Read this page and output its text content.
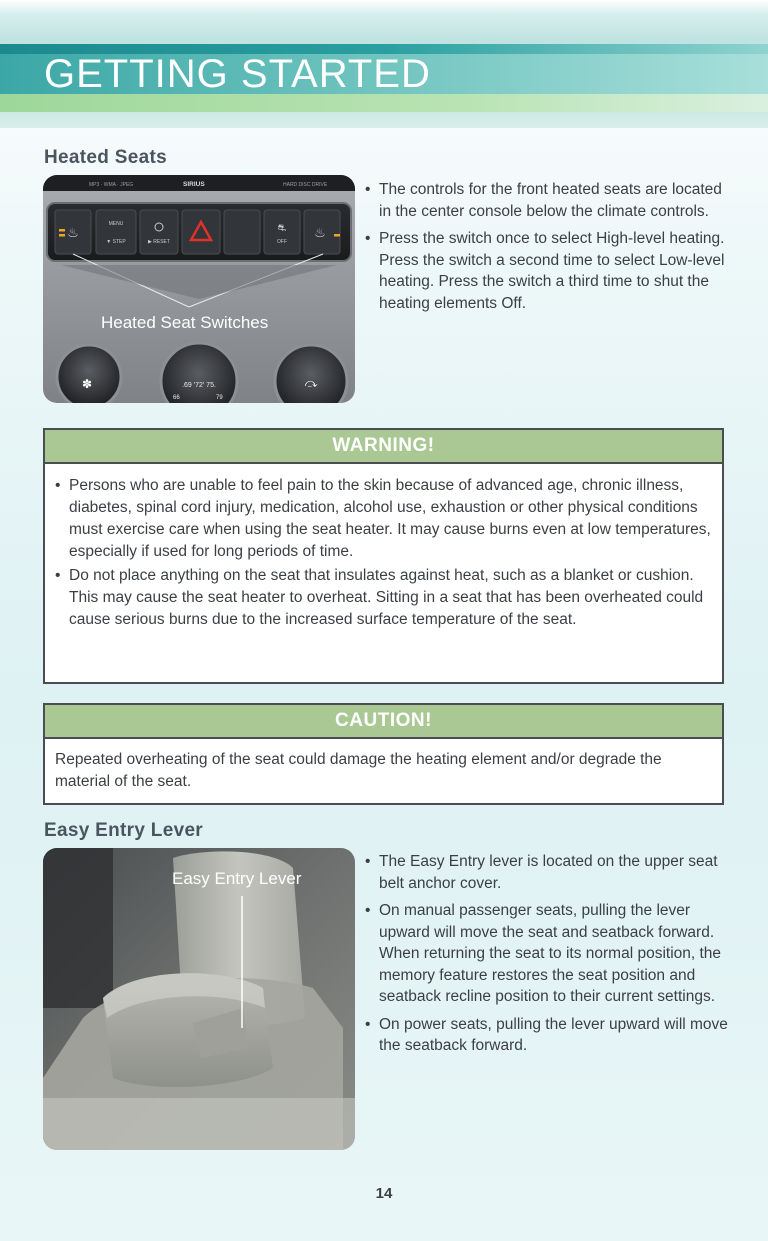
GETTING STARTED
Heated Seats
MP3 · WMA · JPEG	SIRIUS	HARD DISC DRIVE
♨
MENU
▼ STEP	▶ RESET
⛐
OFF
♨
✽	.69 '72' 75.
66	79
⤼
Heated Seat Switches
• The controls for the front heated seats are located in the center console below the climate controls.
• Press the switch once to select High-level heating. Press the switch a second time to select Low-level heating. Press the switch a third time to shut the heating elements Off.
WARNING!
• Persons who are unable to feel pain to the skin because of advanced age, chronic illness, diabetes, spinal cord injury, medication, alcohol use, exhaustion or other physical conditions must exercise care when using the seat heater. It may cause burns even at low temperatures, especially if used for long periods of time.
• Do not place anything on the seat that insulates against heat, such as a blanket or cushion. This may cause the seat heater to overheat. Sitting in a seat that has been overheated could cause serious burns due to the increased surface temperature of the seat.
CAUTION!
Repeated overheating of the seat could damage the heating element and/or degrade the material of the seat.
Easy Entry Lever
Easy Entry Lever
• The Easy Entry lever is located on the upper seat belt anchor cover.
• On manual passenger seats, pulling the lever upward will move the seat and seatback forward. When returning the seat to its normal position, the memory feature restores the seat position and seatback recline position to their current settings.
• On power seats, pulling the lever upward will move the seatback forward.
14
